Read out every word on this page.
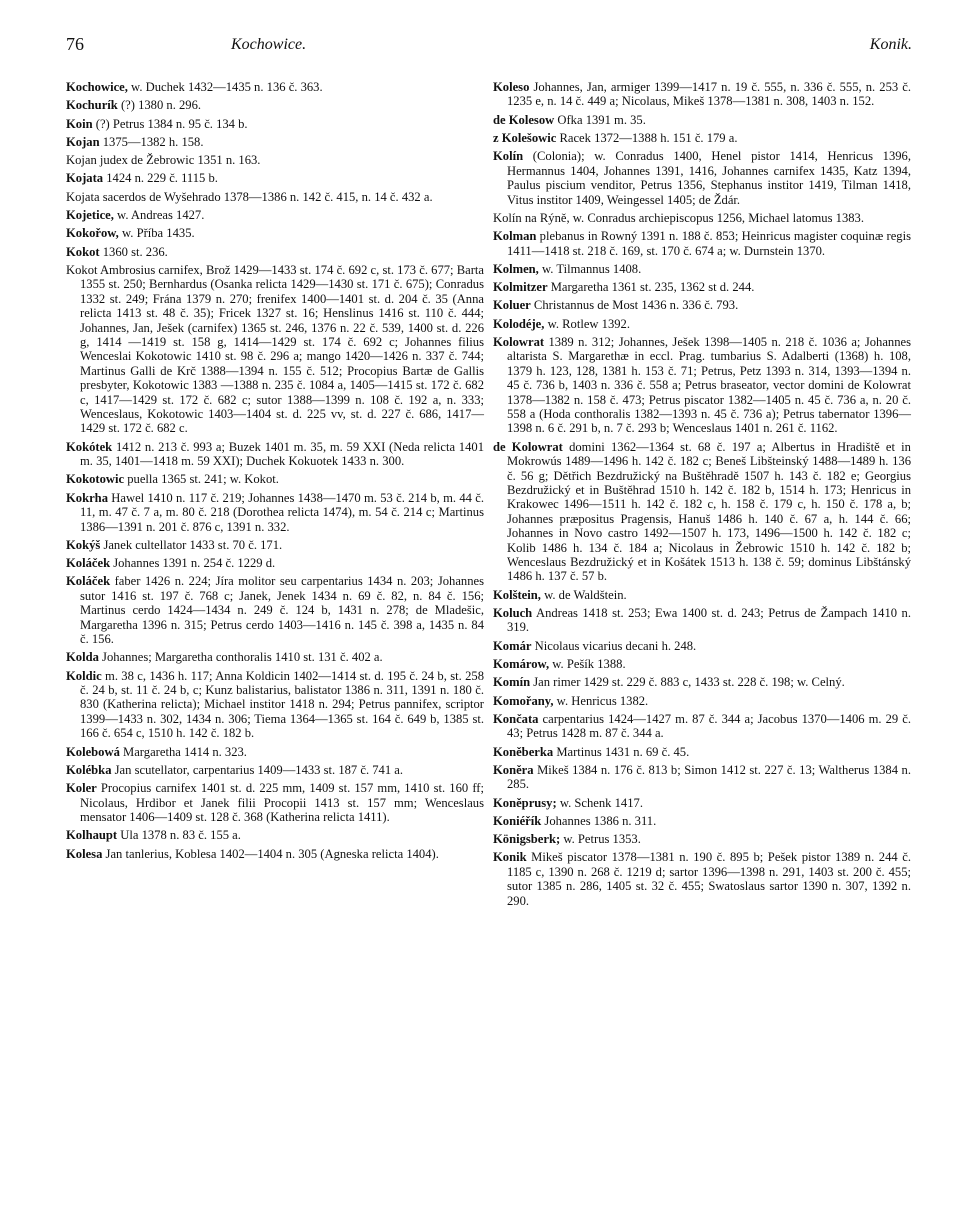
76	Kochowice.	Konik.

Kochowice, w. Duchek 1432—1435 n. 136 č. 363.

Kochurík (?) 1380 n. 296.

Koin (?) Petrus 1384 n. 95 č. 134 b.

Kojan 1375—1382 h. 158.

Kojan judex de Žebrowic 1351 n. 163.

Kojata 1424 n. 229 č. 1115 b.

Kojata sacerdos de Wyšehrado 1378—1386 n. 142 č. 415, n. 14 č. 432 a.

Kojetice, w. Andreas 1427.

Kokořow, w. Příba 1435.

Kokot 1360 st. 236.

Kokot Ambrosius carnifex, Brož 1429—1433 st. 174 č. 692 c, st. 173 č. 677; Barta 1355 st. 250; Bernhardus (Osanka relicta 1429—1430 st. 171 č. 675); Conradus 1332 st. 249; Frána 1379 n. 270; frenifex 1400—1401 st. d. 204 č. 35 (Anna relicta 1413 st. 48 č. 35); Fricek 1327 st. 16; Henslinus 1416 st. 110 č. 444; Johannes, Jan, Ješek (carnifex) 1365 st. 246, 1376 n. 22 č. 539, 1400 st. d. 226 g, 1414 —1419 st. 158 g, 1414—1429 st. 174 č. 692 c; Johannes filius Wenceslai Kokotowic 1410 st. 98 č. 296 a; mango 1420—1426 n. 337 č. 744; Martinus Galli de Krč 1388—1394 n. 155 č. 512; Procopius Bartæ de Gallis presbyter, Kokotowic 1383 —1388 n. 235 č. 1084 a, 1405—1415 st. 172 č. 682 c, 1417—1429 st. 172 č. 682 c; sutor 1388—1399 n. 108 č. 192 a, n. 333; Wenceslaus, Kokotowic 1403—1404 st. d. 225 vv, st. d. 227 č. 686, 1417—1429 st. 172 č. 682 c.

Kokótek 1412 n. 213 č. 993 a; Buzek 1401 m. 35, m. 59 XXI (Neda relicta 1401 m. 35, 1401—1418 m. 59 XXI); Duchek Kokuotek 1433 n. 300.

Kokotowic puella 1365 st. 241; w. Kokot.

Kokrha Hawel 1410 n. 117 č. 219; Johannes 1438—1470 m. 53 č. 214 b, m. 44 č. 11, m. 47 č. 7 a, m. 80 č. 218 (Dorothea relicta 1474), m. 54 č. 214 c; Martinus 1386—1391 n. 201 č. 876 c, 1391 n. 332.

Kokýš Janek cultellator 1433 st. 70 č. 171.

Koláček Johannes 1391 n. 254 č. 1229 d.

Koláček faber 1426 n. 224; Jíra molitor seu carpentarius 1434 n. 203; Johannes sutor 1416 st. 197 č. 768 c; Janek, Jenek 1434 n. 69 č. 82, n. 84 č. 156; Martinus cerdo 1424—1434 n. 249 č. 124 b, 1431 n. 278; de Mladešic, Margaretha 1396 n. 315; Petrus cerdo 1403—1416 n. 145 č. 398 a, 1435 n. 84 č. 156.

Kolda Johannes; Margaretha conthoralis 1410 st. 131 č. 402 a.

Koldic m. 38 c, 1436 h. 117; Anna Koldicin 1402—1414 st. d. 195 č. 24 b, st. 258 č. 24 b, st. 11 č. 24 b, c; Kunz balistarius, balistator 1386 n. 311, 1391 n. 180 č. 830 (Katherina relicta); Michael institor 1418 n. 294; Petrus pannifex, scriptor 1399—1433 n. 302, 1434 n. 306; Tiema 1364—1365 st. 164 č. 649 b, 1385 st. 166 č. 654 c, 1510 h. 142 č. 182 b.

Kolebowá Margaretha 1414 n. 323.

Kolébka Jan scutellator, carpentarius 1409—1433 st. 187 č. 741 a.

Koler Procopius carnifex 1401 st. d. 225 mm, 1409 st. 157 mm, 1410 st. 160 ff; Nicolaus, Hrdibor et Janek filii Procopii 1413 st. 157 mm; Wenceslaus mensator 1406—1409 st. 128 č. 368 (Katherina relicta 1411).

Kolhaupt Ula 1378 n. 83 č. 155 a.

Kolesa Jan tanlerius, Koblesa 1402—1404 n. 305 (Agneska relicta 1404).

Koleso Johannes, Jan, armiger 1399—1417 n. 19 č. 555, n. 336 č. 555, n. 253 č. 1235 e, n. 14 č. 449 a; Nicolaus, Mikeš 1378—1381 n. 308, 1403 n. 152.

de Kolesow Ofka 1391 m. 35.

z Kolešowic Racek 1372—1388 h. 151 č. 179 a.

Kolín (Colonia); w. Conradus 1400, Henel pistor 1414, Henricus 1396, Hermannus 1404, Johannes 1391, 1416, Johannes carnifex 1435, Katz 1394, Paulus piscium venditor, Petrus 1356, Stephanus institor 1419, Tilman 1418, Vitus institor 1409, Weingessel 1405; de Ždár.

Kolín na Rýně, w. Conradus archiepiscopus 1256, Michael latomus 1383.

Kolman plebanus in Rowný 1391 n. 188 č. 853; Heinricus magister coquinæ regis 1411—1418 st. 218 č. 169, st. 170 č. 674 a; w. Durnstein 1370.

Kolmen, w. Tilmannus 1408.

Kolmitzer Margaretha 1361 st. 235, 1362 st d. 244.

Koluer Christannus de Most 1436 n. 336 č. 793.

Kolodéje, w. Rotlew 1392.

Kolowrat 1389 n. 312; Johannes, Ješek 1398—1405 n. 218 č. 1036 a; Johannes altarista S. Margarethæ in eccl. Prag. tumbarius S. Adalberti (1368) h. 108, 1379 h. 123, 128, 1381 h. 153 č. 71; Petrus, Petz 1393 n. 314, 1393—1394 n. 45 č. 736 b, 1403 n. 336 č. 558 a; Petrus braseator, vector domini de Kolowrat 1378—1382 n. 158 č. 473; Petrus piscator 1382—1405 n. 45 č. 736 a, n. 20 č. 558 a (Hoda conthoralis 1382—1393 n. 45 č. 736 a); Petrus tabernator 1396—1398 n. 6 č. 291 b, n. 7 č. 293 b; Wenceslaus 1401 n. 261 č. 1162.

de Kolowrat domini 1362—1364 st. 68 č. 197 a; Albertus in Hradiště et in Mokrowús 1489—1496 h. 142 č. 182 c; Beneš Libšteinský 1488—1489 h. 136 č. 56 g; Dětřich Bezdružický na Buštěhradě 1507 h. 143 č. 182 e; Georgius Bezdružický et in Buštěhrad 1510 h. 142 č. 182 b, 1514 h. 173; Henricus in Krakowec 1496—1511 h. 142 č. 182 c, h. 158 č. 179 c, h. 150 č. 178 a, b; Johannes præpositus Pragensis, Hanuš 1486 h. 140 č. 67 a, h. 144 č. 66; Johannes in Novo castro 1492—1507 h. 173, 1496—1500 h. 142 č. 182 c; Kolib 1486 h. 134 č. 184 a; Nicolaus in Žebrowic 1510 h. 142 č. 182 b; Wenceslaus Bezdružický et in Košátek 1513 h. 138 č. 59; dominus Libštánský 1486 h. 137 č. 57 b.

Kolštein, w. de Waldštein.

Koluch Andreas 1418 st. 253; Ewa 1400 st. d. 243; Petrus de Žampach 1410 n. 319.

Komár Nicolaus vicarius decani h. 248.

Komárow, w. Pešík 1388.

Komín Jan rimer 1429 st. 229 č. 883 c, 1433 st. 228 č. 198; w. Celný.

Komořany, w. Henricus 1382.

Končata carpentarius 1424—1427 m. 87 č. 344 a; Jacobus 1370—1406 m. 29 č. 43; Petrus 1428 m. 87 č. 344 a.

Koněberka Martinus 1431 n. 69 č. 45.

Koněra Mikeš 1384 n. 176 č. 813 b; Simon 1412 st. 227 č. 13; Waltherus 1384 n. 285.

Koněprusy; w. Schenk 1417.

Koniéřík Johannes 1386 n. 311.

Königsberk; w. Petrus 1353.

Konik Mikeš piscator 1378—1381 n. 190 č. 895 b; Pešek pistor 1389 n. 244 č. 1185 c, 1390 n. 268 č. 1219 d; sartor 1396—1398 n. 291, 1403 st. 200 č. 455; sutor 1385 n. 286, 1405 st. 32 č. 455; Swatoslaus sartor 1390 n. 307, 1392 n. 290.
